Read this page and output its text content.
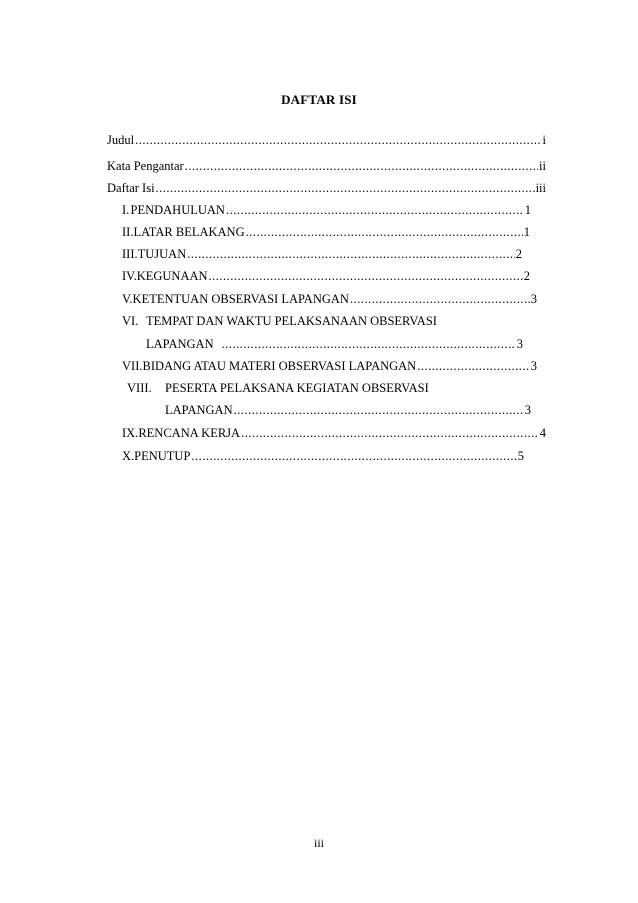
DAFTAR ISI
Judul .....	i
Kata Pengantar .....	ii
Daftar Isi .....	iii
I. PENDAHULUAN .....	1
II. LATAR BELAKANG .....	1
III. TUJUAN .....	2
IV. KEGUNAAN .....	2
V. KETENTUAN OBSERVASI LAPANGAN .....	3
VI. TEMPAT DAN WAKTU PELAKSANAAN OBSERVASI
LAPANGAN .....	3
VII. BIDANG ATAU MATERI OBSERVASI LAPANGAN .....	3
VIII. PESERTA PELAKSANA KEGIATAN OBSERVASI
LAPANGAN .....	3
IX. RENCANA KERJA .....	4
X. PENUTUP .....	5
iii
